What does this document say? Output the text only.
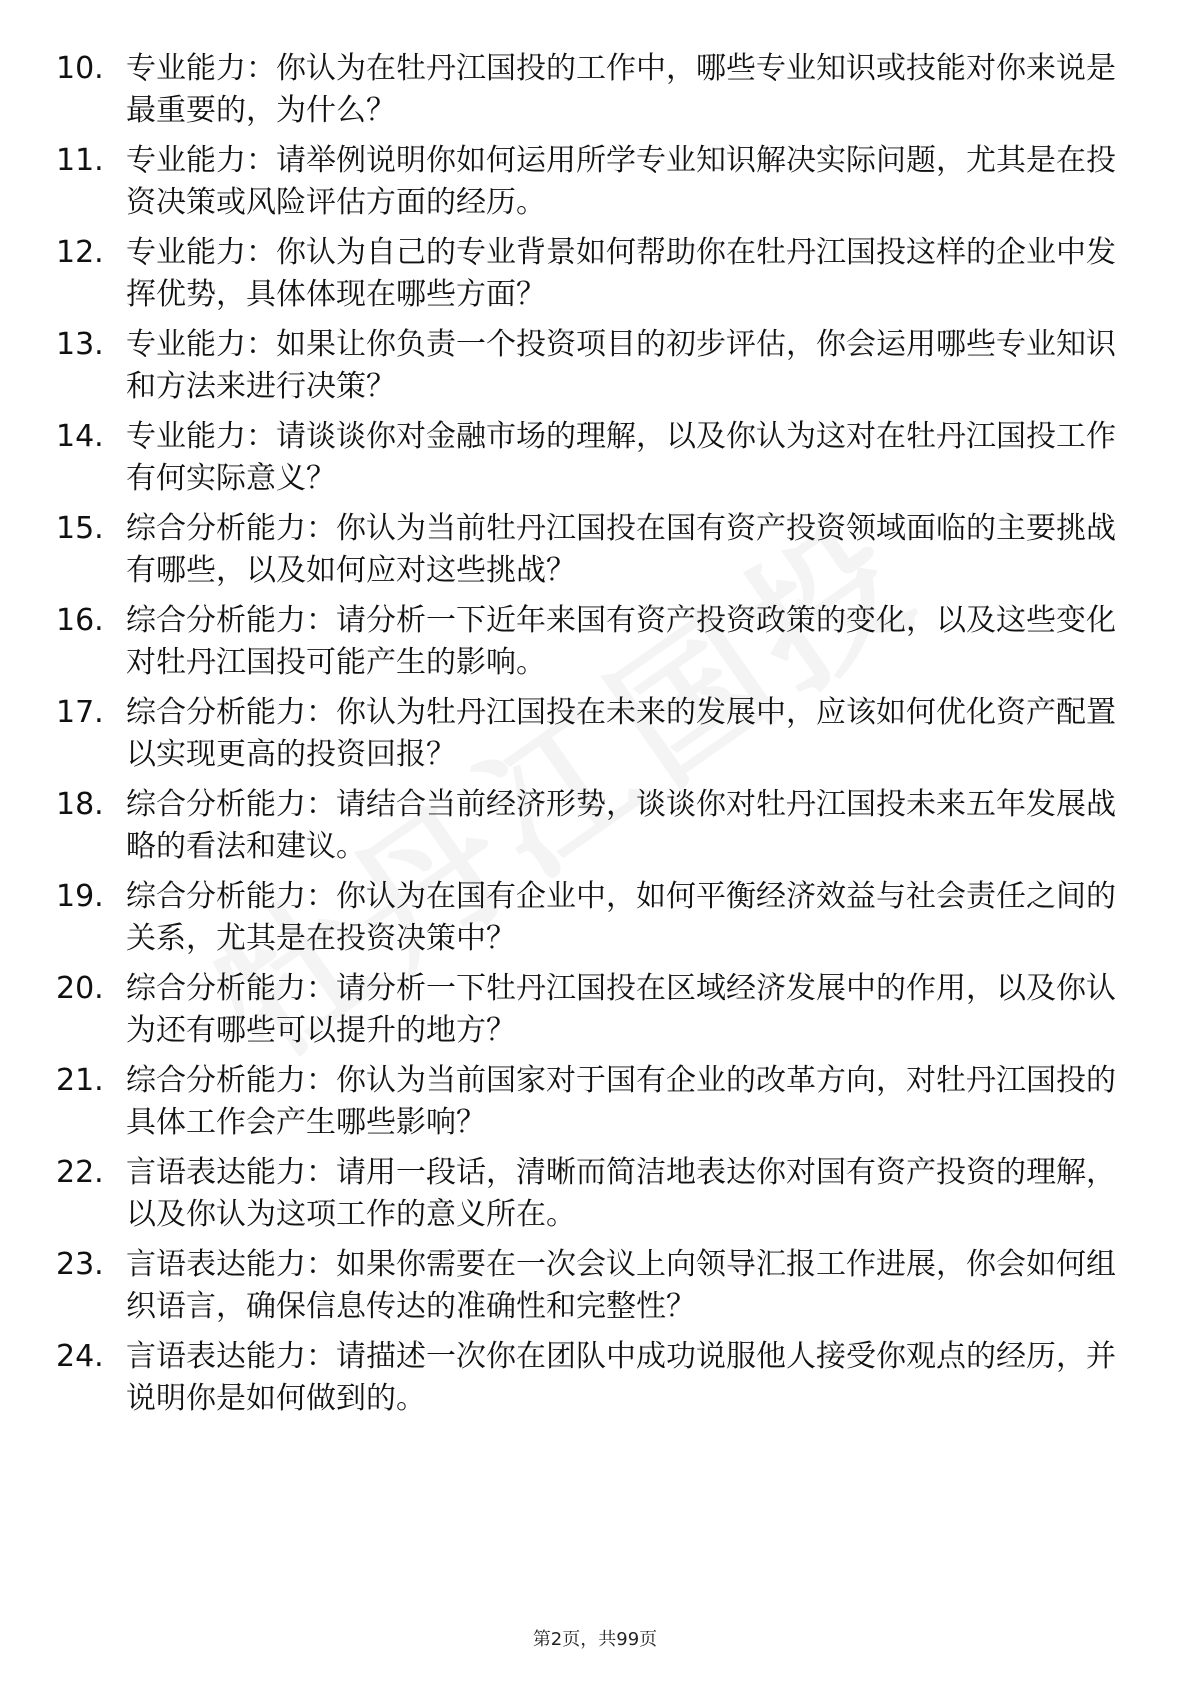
10. 专业能力：你认为在牡丹江国投的工作中，哪些专业知识或技能对你来说是最重要的，为什么？
11. 专业能力：请举例说明你如何运用所学专业知识解决实际问题，尤其是在投资决策或风险评估方面的经历。
12. 专业能力：你认为自己的专业背景如何帮助你在牡丹江国投这样的企业中发挥优势，具体体现在哪些方面？
13. 专业能力：如果让你负责一个投资项目的初步评估，你会运用哪些专业知识和方法来进行决策？
14. 专业能力：请谈谈你对金融市场的理解，以及你认为这对在牡丹江国投工作有何实际意义？
15. 综合分析能力：你认为当前牡丹江国投在国有资产投资领域面临的主要挑战有哪些，以及如何应对这些挑战？
16. 综合分析能力：请分析一下近年来国有资产投资政策的变化，以及这些变化对牡丹江国投可能产生的影响。
17. 综合分析能力：你认为牡丹江国投在未来的发展中，应该如何优化资产配置以实现更高的投资回报？
18. 综合分析能力：请结合当前经济形势，谈谈你对牡丹江国投未来五年发展战略的看法和建议。
19. 综合分析能力：你认为在国有企业中，如何平衡经济效益与社会责任之间的关系，尤其是在投资决策中？
20. 综合分析能力：请分析一下牡丹江国投在区域经济发展中的作用，以及你认为还有哪些可以提升的地方？
21. 综合分析能力：你认为当前国家对于国有企业的改革方向，对牡丹江国投的具体工作会产生哪些影响？
22. 言语表达能力：请用一段话，清晰而简洁地表达你对国有资产投资的理解，以及你认为这项工作的意义所在。
23. 言语表达能力：如果你需要在一次会议上向领导汇报工作进展，你会如何组织语言，确保信息传达的准确性和完整性？
24. 言语表达能力：请描述一次你在团队中成功说服他人接受你观点的经历，并说明你是如何做到的。
第2页，共99页
